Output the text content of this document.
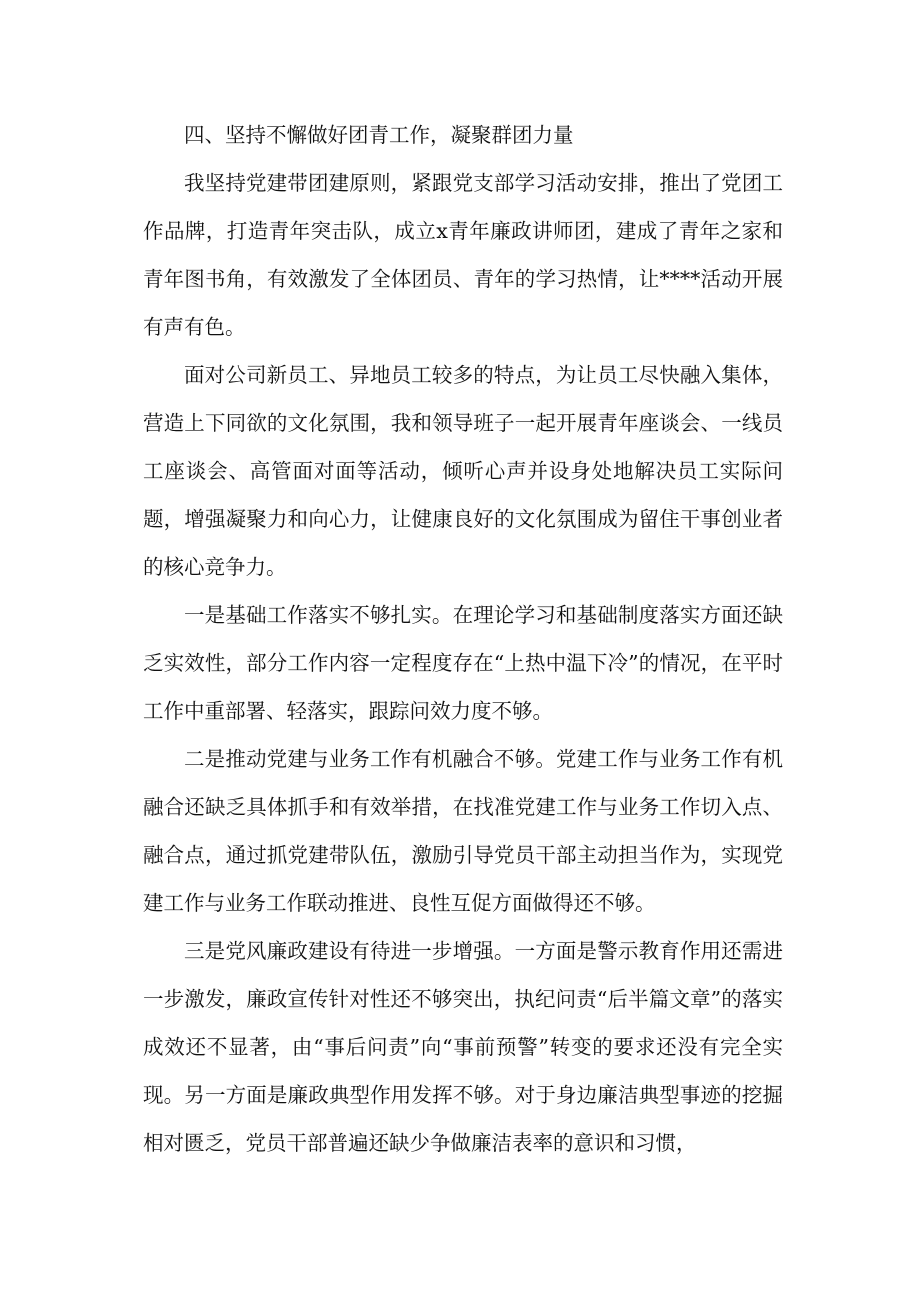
四、坚持不懈做好团青工作，凝聚群团力量

我坚持党建带团建原则，紧跟党支部学习活动安排，推出了党团工作品牌，打造青年突击队，成立x青年廉政讲师团，建成了青年之家和青年图书角，有效激发了全体团员、青年的学习热情，让****活动开展有声有色。

面对公司新员工、异地员工较多的特点，为让员工尽快融入集体，营造上下同欲的文化氛围，我和领导班子一起开展青年座谈会、一线员工座谈会、高管面对面等活动，倾听心声并设身处地解决员工实际问题，增强凝聚力和向心力，让健康良好的文化氛围成为留住干事创业者的核心竞争力。

一是基础工作落实不够扎实。在理论学习和基础制度落实方面还缺乏实效性，部分工作内容一定程度存在“上热中温下冷”的情况，在平时工作中重部署、轻落实，跟踪问效力度不够。

二是推动党建与业务工作有机融合不够。党建工作与业务工作有机融合还缺乏具体抓手和有效举措，在找准党建工作与业务工作切入点、融合点，通过抓党建带队伍，激励引导党员干部主动担当作为，实现党建工作与业务工作联动推进、良性互促方面做得还不够。

三是党风廉政建设有待进一步增强。一方面是警示教育作用还需进一步激发，廉政宣传针对性还不够突出，执纪问责“后半篇文章”的落实成效还不显著，由“事后问责”向“事前预警”转变的要求还没有完全实现。另一方面是廉政典型作用发挥不够。对于身边廉洁典型事迹的挖掘相对匮乏，党员干部普遍还缺少争做廉洁表率的意识和习惯，
